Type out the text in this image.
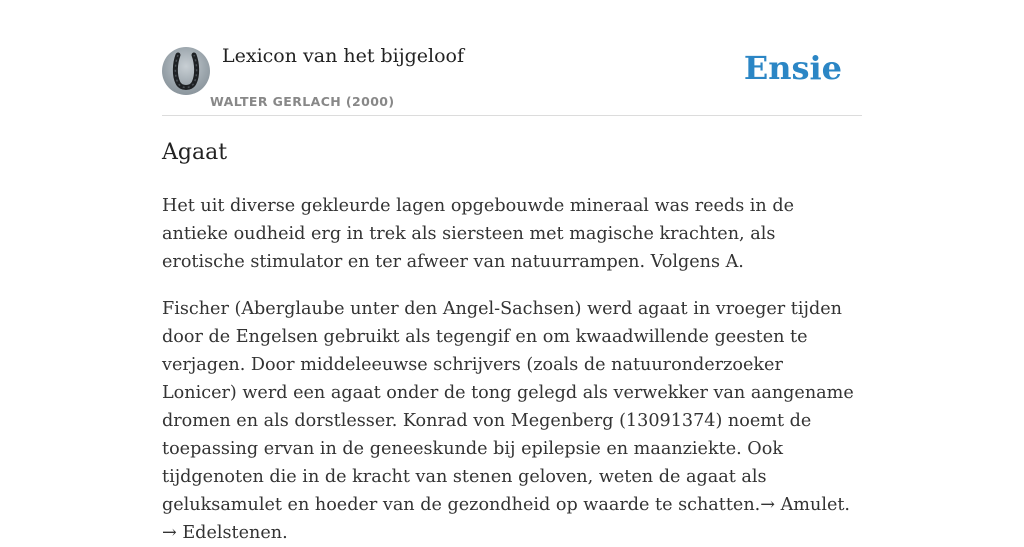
Lexicon van het bijgeloof
WALTER GERLACH (2000)
Ensie
Agaat

Het uit diverse gekleurde lagen opgebouwde mineraal was reeds in de antieke oudheid erg in trek als siersteen met magische krachten, als erotische stimulator en ter afweer van natuurrampen. Volgens A.

Fischer (Aberglaube unter den Angel-Sachsen) werd agaat in vroeger tijden door de Engelsen gebruikt als tegengif en om kwaadwillende geesten te verjagen. Door middeleeuwse schrijvers (zoals de natuuronderzoeker Lonicer) werd een agaat onder de tong gelegd als verwekker van aangename dromen en als dorstlesser. Konrad von Megenberg (13091374) noemt de toepassing ervan in de geneeskunde bij epilepsie en maanziekte. Ook tijdgenoten die in de kracht van stenen geloven, weten de agaat als geluksamulet en hoeder van de gezondheid op waarde te schatten.→ Amulet. → Edelstenen.
